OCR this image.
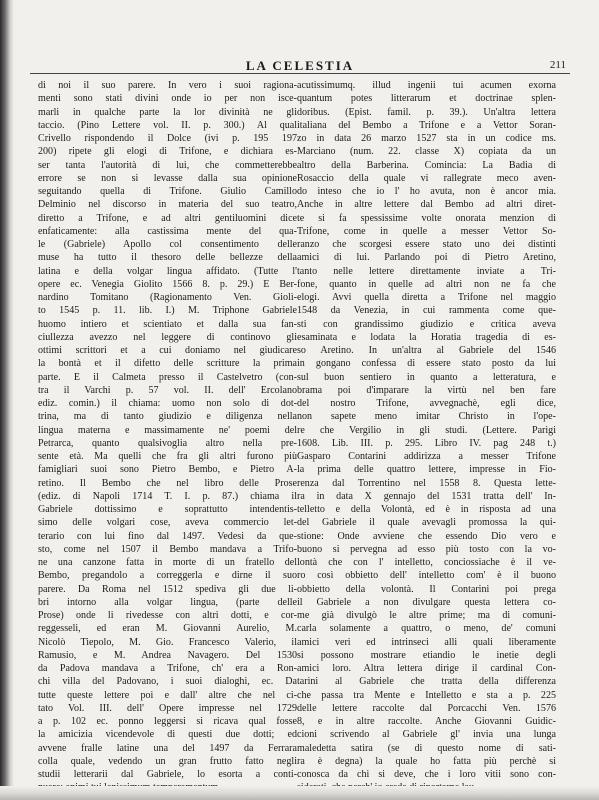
LA CELESTIA	211
di noi il suo parere. In vero i suoi ragiona-
menti sono stati divini onde io per non isce-
marli in qualche parte la lor divinità ne gli
taccio. (Pino Lettere vol. II. p. 300.) Al qual
Crivello rispondendo il Dolce (ivi p. 195 197
200) ripete gli elogi di Trifone, e dichiara es-
ser tanta l'autorità di lui, che commetterebbe
errore se non si levasse dalla sua opinione
seguitando quella di Trifone. Giulio Camillo
Delminio nel discorso in materia del suo teatro,
diretto a Trifone, e ad altri gentiluomini dice
enfaticamente: alla castissima mente del qua-
le (Gabriele) Apollo col consentimento delle
muse ha tutto il thesoro delle bellezze della
latina e della volgar lingua affidato. (Tutte l'
opere ec. Venegia Giolito 1566 8. p. 29.) E Ber-
nardino Tomitano (Ragionamento Ven. Giolì-
to 1545 p. 11. lib. I.) M. Triphone Gabriele
huomo intiero et scientiato et dalla sua fan-
ciullezza avezzo nel leggere di continovo gli
ottimi scrittori et a cui doniamo nel giudicare
la bontà et il difetto delle scritture la prima
parte. E il Calmeta presso il Castelvetro (con-
tra il Varchi p. 57 vol. II. dell' Ercolano
ediz. comin.) il chiama: uomo non solo di dot-
trina, ma di tanto giudizio e diligenza nella
lingua materna e massimamente ne' poemi del
Petrarca, quanto qualsivoglia altro nella pre-
sente età. Ma quelli che fra gli altri furono più
famigliari suoi sono Pietro Bembo, e Pietro A-
retino. Il Bembo che nel libro delle Prose
(ediz. di Napoli 1714 T. I. p. 87.) chiama il
Gabriele dottissimo e soprattutto intendentis-
simo delle volgari cose, aveva commercio let-
terario con lui fino dal 1497. Vedesi da que-
sto, come nel 1507 il Bembo mandava a Trifo-
ne una canzone fatta in morte di un fratello del
Bembo, pregandolo a correggerla e dirne il suo
parere. Da Roma nel 1512 spediva gli due li-
bri intorno alla volgar lingua, (parte delle
Prose) onde li rivedesse con altri dotti, e cor-
reggesseli, ed eran M. Giovanni Aurelio, M.
Nicolò Tiepolo, M. Gio. Francesco Valerio, il
Ramusio, e M. Andrea Navagero. Del 1530
da Padova mandava a Trifone, ch' era a Ron-
chi villa del Padovano, i suoi dialoghi, ec. Da
tutte queste lettere poi e dall' altre che nel ci-
tato Vol. III. dell' Opere impresse nel 1729
a p. 102 ec. ponno leggersi si ricava qual fosse
la amicizia vicendevole di questi due dotti; ed
avvene fralle latine una del 1497 da Ferrara
colla quale, vedendo un gran frutto fatto negli
studii letterarii dal Gabriele, lo esorta a conti-
acutissimumq. illud ingenii tui acumen exorna
quantum potes litterarum et doctrinae splen-
doribus. (Epist. famil. p. 39.). Un'altra lettera
italiana del Bembo a Trifone e a Vettor Soran-
zo in data 26 marzo 1527 sta in un codice ms.
Marciano (num. 22. classe X) copiata da un
altro della Barberina. Comincia: La Badia di
Rosaccio della quale vi rallegrate meco aven-
do inteso che io l' ho avuta, non è ancor mia.
Anche in altre lettere dal Bembo ad altri diret-
te si fa spessissime volte onorata menzion di
Trifone, come in quelle a messer Vettor So-
ranzo che scorgesi essere stato uno dei distinti
amici di lui. Parlando poi di Pietro Aretino,
tanto nelle lettere direttamente inviate a Tri-
fone, quanto in quelle ad altri non ne fa che
elogi. Avvi quella diretta a Trifone nel maggio
1548 da Venezia, in cui rammenta come que-
sti con grandissimo giudizio e critica aveva
esaminata e lodata la Horatia tragedia di es-
so Aretino. In un'altra al Gabriele del 1546
in gongano confessa di essere stato posto da lui
sul buon sentiero in quanto a letteratura, e
brama poi d'imparare la virtù nel ben fare
del nostro Trifone, avvegnachè, egli dice,
non sapete meno imitar Christo in l'ope-
re che Vergilio in gli studi. (Lettere. Parigi
1608. Lib. III. p. 295. Libro IV. pag 248 t.)
Gasparo Contarini addirizza a messer Trifone
la prima delle quattro lettere, impresse in Fio-
renza dal Torrentino nel 1558 8. Questa lette-
ra in data X gennajo del 1531 tratta dell' In-
telletto e della Volontà, ed è in risposta ad una
del Gabriele il quale avevagli promossa la qui-
stione: Onde avviene che essendo Dio vero e
buono si pervegna ad esso più tosto con la vo-
lontà che con l' intelletto, conciossiache è il ve-
ro così obbietto dell' intelletto com' è il buono
obbietto della volontà. Il Contarini poi prega
il Gabriele a non divulgare questa lettera co-
me già divulgò le altre prime; ma di comuni-
carla solamente a quattro, o meno, de' comuni
amici veri ed intrinseci alli quali liberamente
si possono mostrare etiandio le inetie degli
amici loro. Altra lettera dirige il cardinal Con-
tarini al Gabriele che tratta della differenza
che passa tra Mente e Intelletto e sta a p. 225
delle lettere raccolte dal Porcacchi Ven. 1576
8, e in altre raccolte. Anche Giovanni Guidic-
cioni scrivendo al Gabriele gl' invia una lunga
maledetta satira (se di questo nome di sati-
ra è degna) la quale ho fatta più perchè si
conosca da chi si deve, che i loro vitii sono con-
